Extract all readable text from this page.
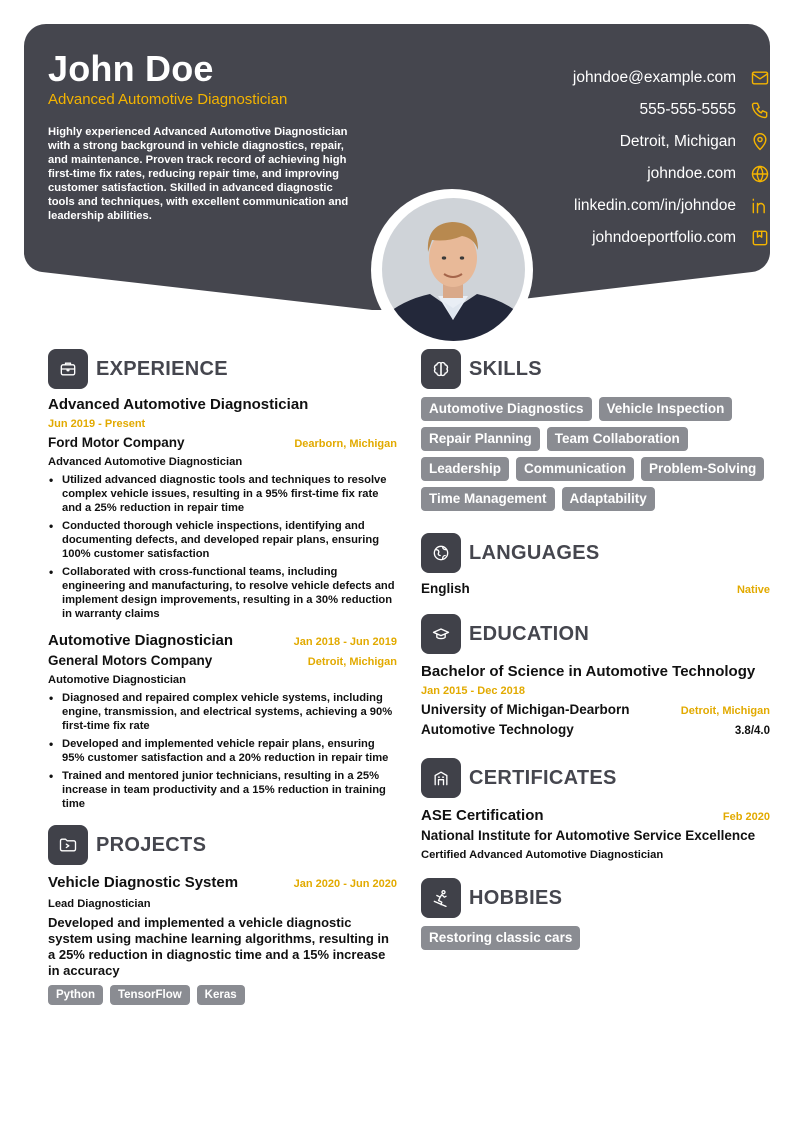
John Doe
Advanced Automotive Diagnostician
Highly experienced Advanced Automotive Diagnostician with a strong background in vehicle diagnostics, repair, and maintenance. Proven track record of achieving high first-time fix rates, reducing repair time, and improving customer satisfaction. Skilled in advanced diagnostic tools and techniques, with excellent communication and leadership abilities.
johndoe@example.com
555-555-5555
Detroit, Michigan
johndoe.com
linkedin.com/in/johndoe
johndoeportfolio.com
EXPERIENCE
Advanced Automotive Diagnostician
Jun 2019 - Present
Ford Motor Company	Dearborn, Michigan
Advanced Automotive Diagnostician
• Utilized advanced diagnostic tools and techniques to resolve complex vehicle issues, resulting in a 95% first-time fix rate and a 25% reduction in repair time
• Conducted thorough vehicle inspections, identifying and documenting defects, and developed repair plans, ensuring 100% customer satisfaction
• Collaborated with cross-functional teams, including engineering and manufacturing, to resolve vehicle defects and implement design improvements, resulting in a 30% reduction in warranty claims
Automotive Diagnostician	Jan 2018 - Jun 2019
General Motors Company	Detroit, Michigan
Automotive Diagnostician
• Diagnosed and repaired complex vehicle systems, including engine, transmission, and electrical systems, achieving a 90% first-time fix rate
• Developed and implemented vehicle repair plans, ensuring 95% customer satisfaction and a 20% reduction in repair time
• Trained and mentored junior technicians, resulting in a 25% increase in team productivity and a 15% reduction in training time
PROJECTS
Vehicle Diagnostic System	Jan 2020 - Jun 2020
Lead Diagnostician
Developed and implemented a vehicle diagnostic system using machine learning algorithms, resulting in a 25% reduction in diagnostic time and a 15% increase in accuracy
Python	TensorFlow	Keras
SKILLS
Automotive Diagnostics	Vehicle Inspection
Repair Planning	Team Collaboration
Leadership	Communication	Problem-Solving
Time Management	Adaptability
LANGUAGES
English	Native
EDUCATION
Bachelor of Science in Automotive Technology
Jan 2015 - Dec 2018
University of Michigan-Dearborn	Detroit, Michigan
Automotive Technology	3.8/4.0
CERTIFICATES
ASE Certification	Feb 2020
National Institute for Automotive Service Excellence
Certified Advanced Automotive Diagnostician
HOBBIES
Restoring classic cars
